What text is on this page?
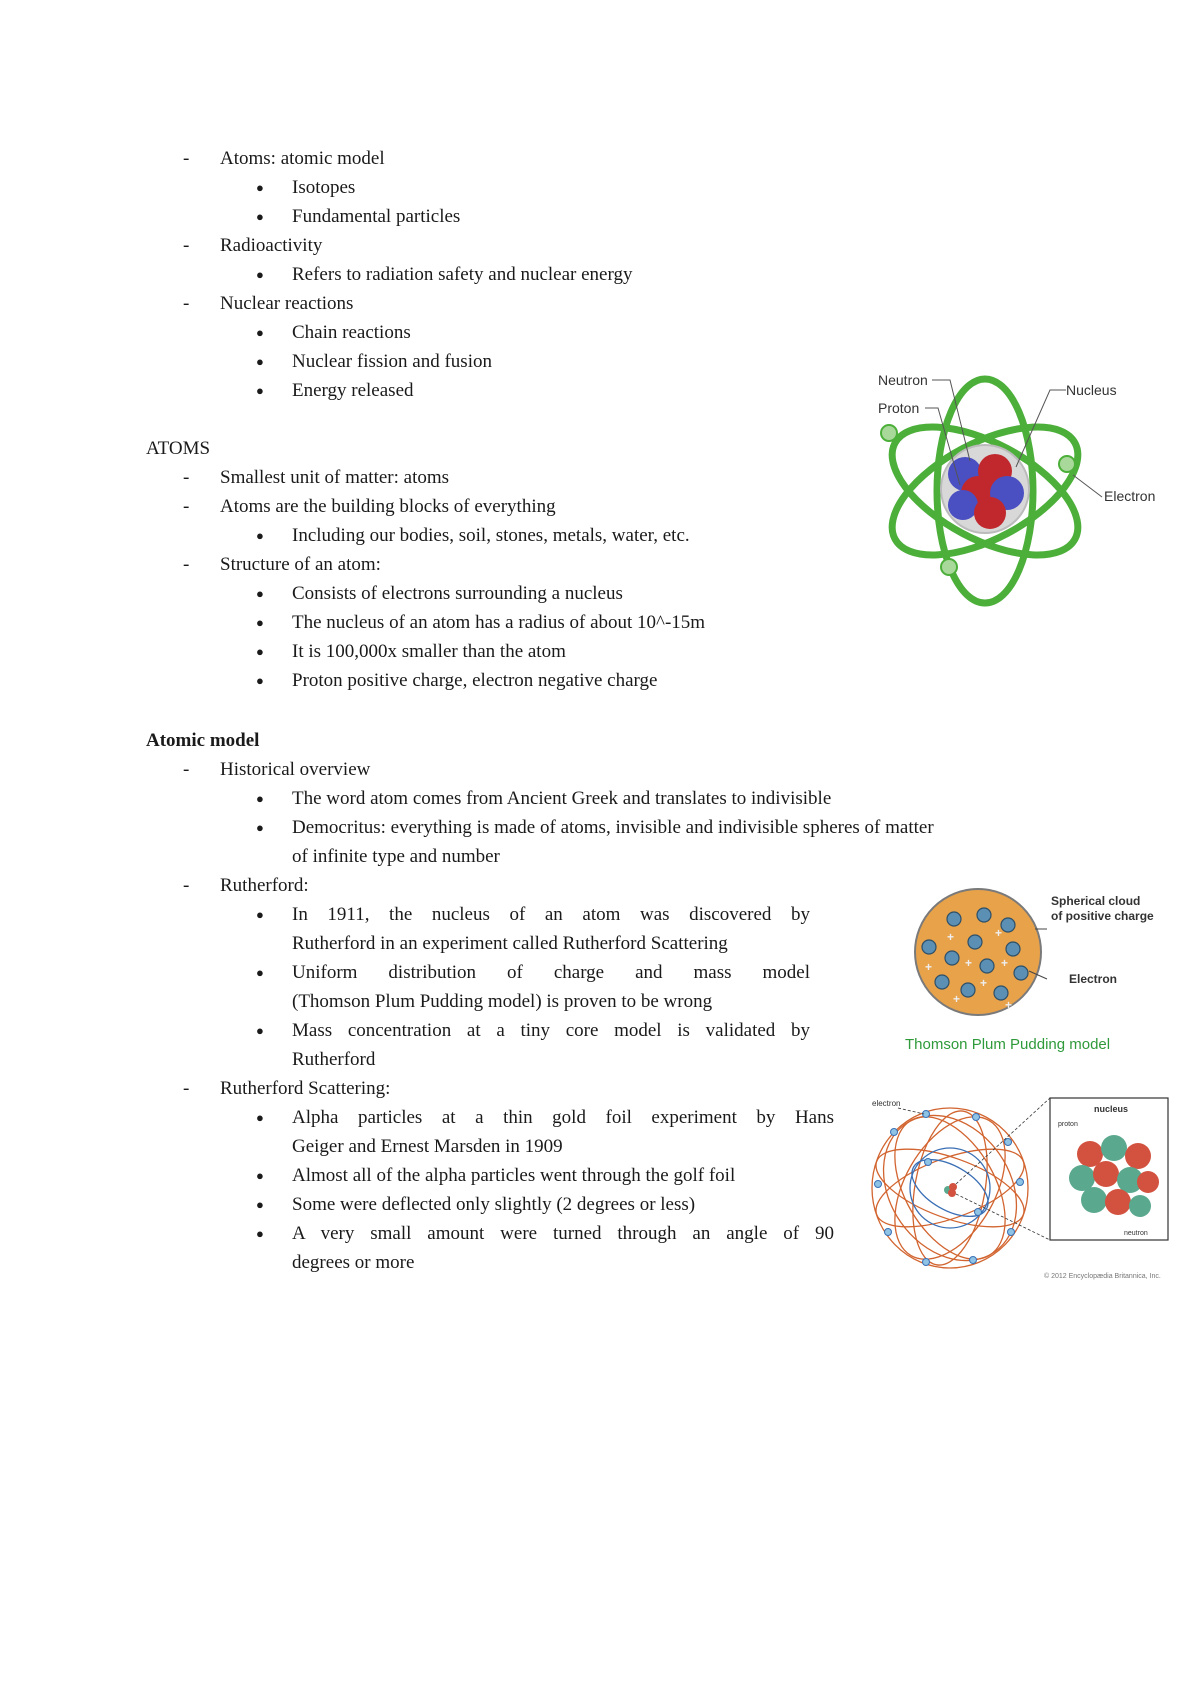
- Atoms: atomic model
● Isotopes
● Fundamental particles
- Radioactivity
● Refers to radiation safety and nuclear energy
- Nuclear reactions
● Chain reactions
● Nuclear fission and fusion
● Energy released
ATOMS
- Smallest unit of matter: atoms
- Atoms are the building blocks of everything
● Including our bodies, soil, stones, metals, water, etc.
- Structure of an atom:
● Consists of electrons surrounding a nucleus
● The nucleus of an atom has a radius of about 10^-15m
● It is 100,000x smaller than the atom
● Proton positive charge, electron negative charge
Atomic model
- Historical overview
● The word atom comes from Ancient Greek and translates to indivisible
● Democritus: everything is made of atoms, invisible and indivisible spheres of matter
of infinite type and number
- Rutherford:
● In 1911, the nucleus of an atom was discovered by
Rutherford in an experiment called Rutherford Scattering
● Uniform distribution of charge and mass model
(Thomson Plum Pudding model) is proven to be wrong
● Mass concentration at a tiny core model is validated by
Rutherford
- Rutherford Scattering:
● Alpha particles at a thin gold foil experiment by Hans
Geiger and Ernest Marsden in 1909
● Almost all of the alpha particles went through the golf foil
● Some were deflected only slightly (2 degrees or less)
● A very small amount were turned through an angle of 90
degrees or more
Neutron
Proton
Nucleus
Electron
+	+
+ +
+
+	+
+
Spherical cloud
of positive charge
Electron
Thomson Plum Pudding model
electron
nucleus
proton
neutron
© 2012 Encyclopædia Britannica, Inc.
